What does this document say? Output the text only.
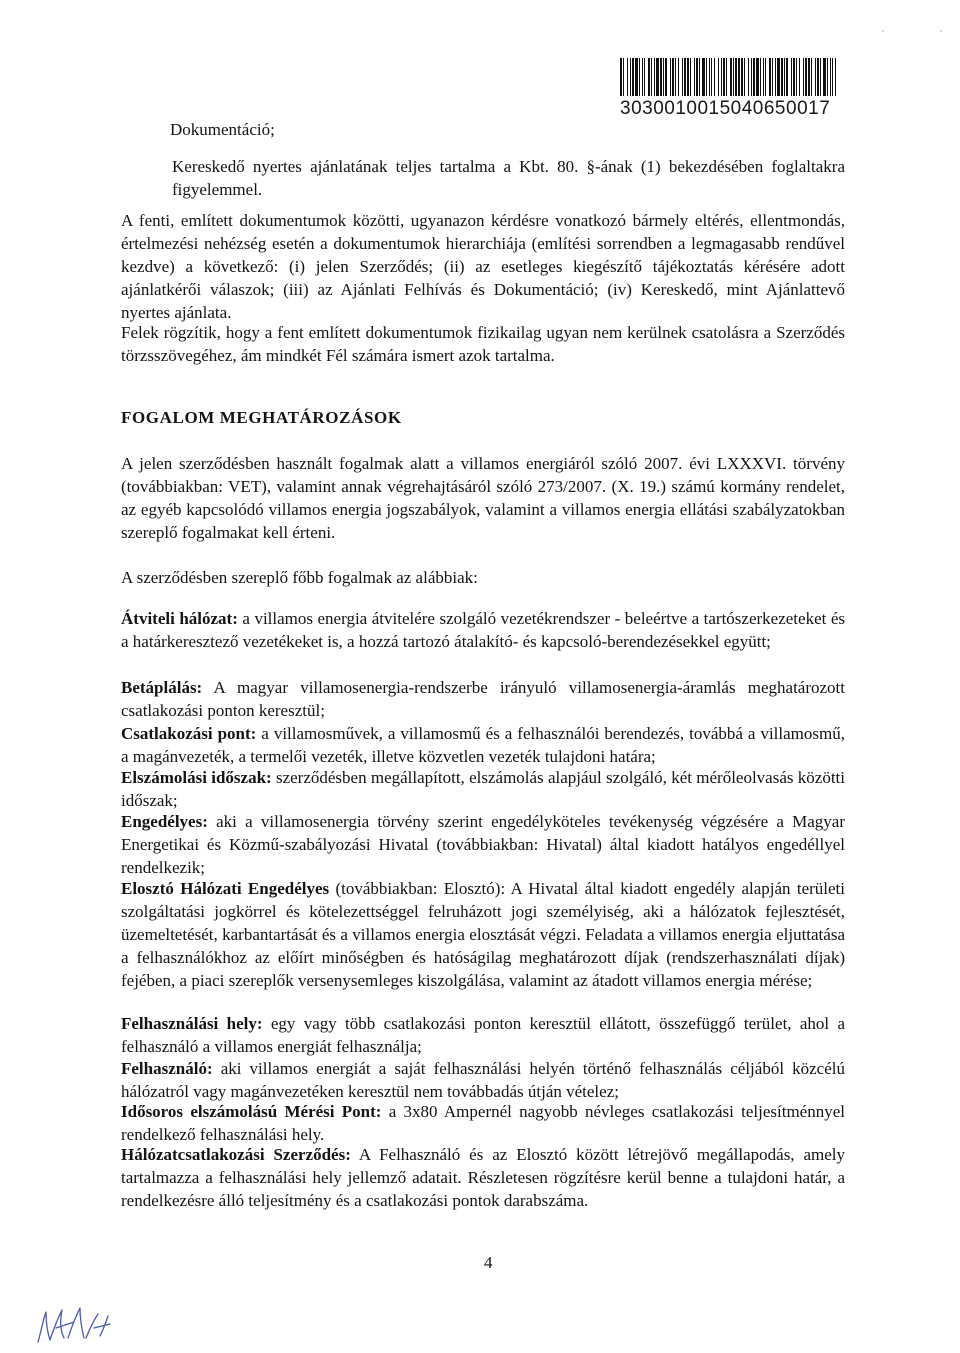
3030010015040650017
Dokumentáció;

Kereskedő nyertes ajánlatának teljes tartalma a Kbt. 80. §-ának (1) bekezdésében foglaltakra figyelemmel.

A fenti, említett dokumentumok közötti, ugyanazon kérdésre vonatkozó bármely eltérés, ellentmondás, értelmezési nehézség esetén a dokumentumok hierarchiája (említési sorrendben a legmagasabb rendűvel kezdve) a következő: (i) jelen Szerződés; (ii) az esetleges kiegészítő tájékoztatás kérésére adott ajánlatkérői válaszok; (iii) az Ajánlati Felhívás és Dokumentáció; (iv) Kereskedő, mint Ajánlattevő nyertes ajánlata.

Felek rögzítik, hogy a fent említett dokumentumok fizikailag ugyan nem kerülnek csatolásra a Szerződés törzsszövegéhez, ám mindkét Fél számára ismert azok tartalma.

FOGALOM MEGHATÁROZÁSOK

A jelen szerződésben használt fogalmak alatt a villamos energiáról szóló 2007. évi LXXXVI. törvény (továbbiakban: VET), valamint annak végrehajtásáról szóló 273/2007. (X. 19.) számú kormány rendelet, az egyéb kapcsolódó villamos energia jogszabályok, valamint a villamos energia ellátási szabályzatokban szereplő fogalmakat kell érteni.

A szerződésben szereplő főbb fogalmak az alábbiak:

Átviteli hálózat: a villamos energia átvitelére szolgáló vezetékrendszer - beleértve a tartószerkezeteket és a határkeresztező vezetékeket is, a hozzá tartozó átalakító- és kapcsoló-berendezésekkel együtt;

Betáplálás: A magyar villamosenergia-rendszerbe irányuló villamosenergia-áramlás meghatározott csatlakozási ponton keresztül;

Csatlakozási pont: a villamosművek, a villamosmű és a felhasználói berendezés, továbbá a villamosmű, a magánvezeték, a termelői vezeték, illetve közvetlen vezeték tulajdoni határa;

Elszámolási időszak: szerződésben megállapított, elszámolás alapjául szolgáló, két mérőleolvasás közötti időszak;

Engedélyes: aki a villamosenergia törvény szerint engedélyköteles tevékenység végzésére a Magyar Energetikai és Közmű-szabályozási Hivatal (továbbiakban: Hivatal) által kiadott hatályos engedéllyel rendelkezik;

Elosztó Hálózati Engedélyes (továbbiakban: Elosztó): A Hivatal által kiadott engedély alapján területi szolgáltatási jogkörrel és kötelezettséggel felruházott jogi személyiség, aki a hálózatok fejlesztését, üzemeltetését, karbantartását és a villamos energia elosztását végzi. Feladata a villamos energia eljuttatása a felhasználókhoz az előírt minőségben és hatóságilag meghatározott díjak (rendszerhasználati díjak) fejében, a piaci szereplők versenysemleges kiszolgálása, valamint az átadott villamos energia mérése;

Felhasználási hely: egy vagy több csatlakozási ponton keresztül ellátott, összefüggő terület, ahol a felhasználó a villamos energiát felhasználja;

Felhasználó: aki villamos energiát a saját felhasználási helyén történő felhasználás céljából közcélú hálózatról vagy magánvezetéken keresztül nem továbbadás útján vételez;

Idősoros elszámolású Mérési Pont: a 3x80 Ampernél nagyobb névleges csatlakozási teljesítménnyel rendelkező felhasználási hely.

Hálózatcsatlakozási Szerződés: A Felhasználó és az Elosztó között létrejövő megállapodás, amely tartalmazza a felhasználási hely jellemző adatait. Részletesen rögzítésre kerül benne a tulajdoni határ, a rendelkezésre álló teljesítmény és a csatlakozási pontok darabszáma.

4
